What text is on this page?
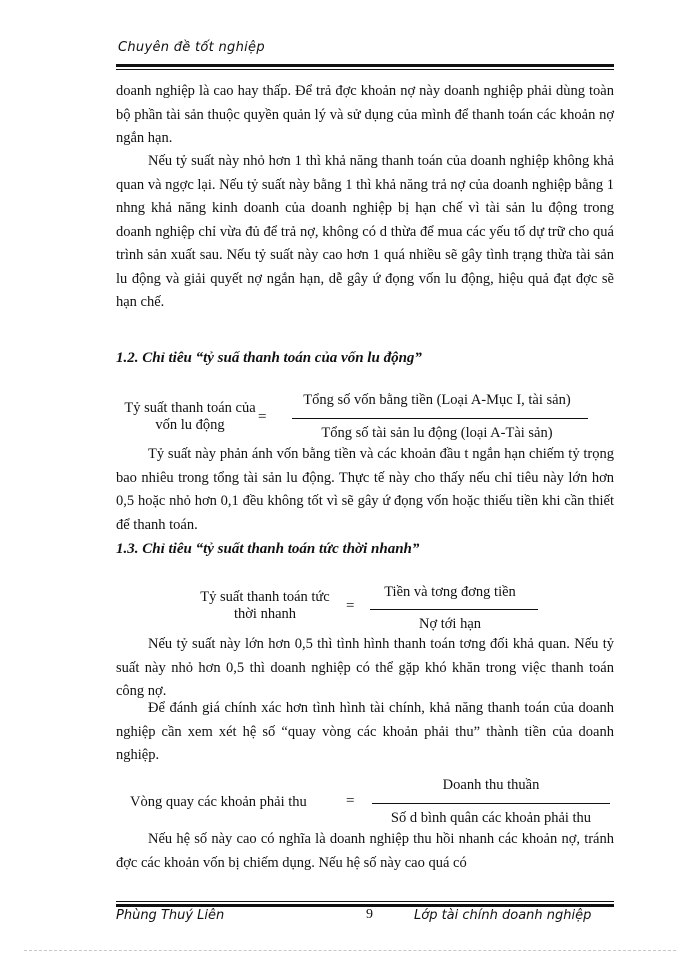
Chuyên đề tốt nghiệp

doanh nghiệp là cao hay thấp. Để trả đợc khoản nợ này doanh nghiệp phải dùng toàn bộ phần tài sản thuộc quyền quản lý và sử dụng của mình để thanh toán các khoản nợ ngắn hạn.

Nếu tỷ suất này nhỏ hơn 1 thì khả năng thanh toán của doanh nghiệp không khả quan và ngợc lại. Nếu tỷ suất này bằng 1 thì khả năng trả nợ của doanh nghiệp bằng 1 nhng khả năng kinh doanh của doanh nghiệp bị hạn chế vì tài sản lu động trong doanh nghiệp chỉ vừa đủ để trả nợ, không có d thừa để mua các yếu tố dự trữ cho quá trình sản xuất sau. Nếu tỷ suất này cao hơn 1 quá nhiều sẽ gây tình trạng thừa tài sản lu động và giải quyết nợ ngắn hạn, dễ gây ứ đọng vốn lu động, hiệu quả đạt đợc sẽ hạn chế.

1.2. Chỉ tiêu “tỷ suấ thanh toán của vốn lu động”
Tỷ suất thanh toán của
vốn lu động	=
Tổng số vốn bằng tiền (Loại A-Mục I, tài sản)
Tổng số tài sản lu động (loại A-Tài sản)

Tỷ suất này phản ánh vốn bằng tiền và các khoản đầu t ngắn hạn chiếm tỷ trọng bao nhiêu trong tổng tài sản lu động. Thực tế này cho thấy nếu chỉ tiêu này lớn hơn 0,5 hoặc nhỏ hơn 0,1 đều không tốt vì sẽ gây ứ đọng vốn hoặc thiếu tiền khi cần thiết để thanh toán.

1.3. Chỉ tiêu “tỷ suất thanh toán tức thời nhanh”
Tỷ suất thanh toán tức
thời nhanh	=
Tiền và tơng đơng tiền
Nợ tới hạn

Nếu tỷ suất này lớn hơn 0,5 thì tình hình thanh toán tơng đối khả quan. Nếu tỷ suất này nhỏ hơn 0,5 thì doanh nghiệp có thể gặp khó khăn trong việc thanh toán công nợ.

Để đánh giá chính xác hơn tình hình tài chính, khả năng thanh toán của doanh nghiệp cần xem xét hệ số “quay vòng các khoản phải thu” thành tiền của doanh nghiệp.

Vòng quay các khoản phải thu	=
Doanh thu thuần
Số d bình quân các khoản phải thu

Nếu hệ số này cao có nghĩa là doanh nghiệp thu hồi nhanh các khoản nợ, tránh đợc các khoản vốn bị chiếm dụng. Nếu hệ số này cao quá có

Phùng Thuý Liên	9	Lớp tài chính doanh nghiệp
